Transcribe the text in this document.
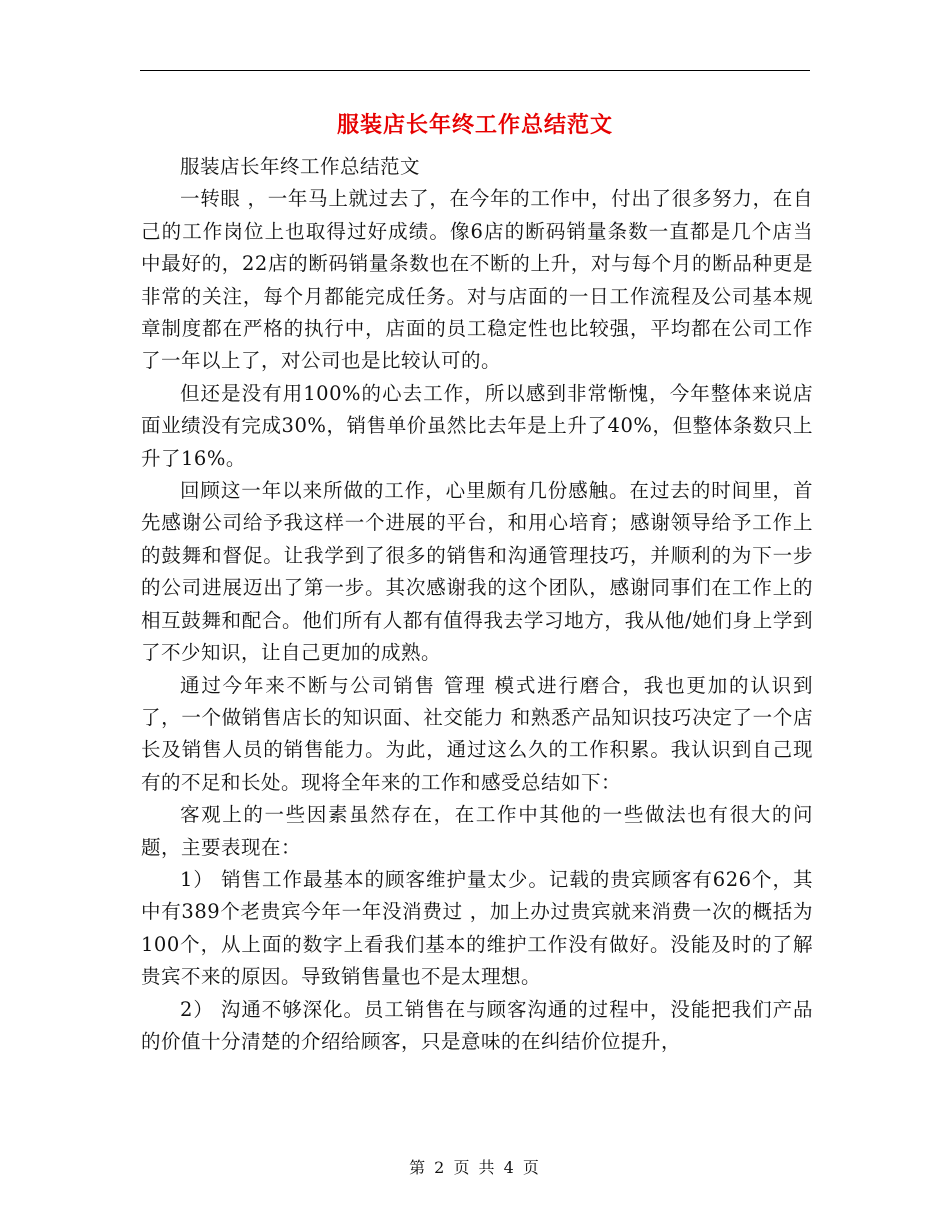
服装店长年终工作总结范文

服装店长年终工作总结范文

一转眼 ，一年马上就过去了，在今年的工作中，付出了很多努力，在自己的工作岗位上也取得过好成绩。像6店的断码销量条数一直都是几个店当中最好的，22店的断码销量条数也在不断的上升，对与每个月的断品种更是非常的关注，每个月都能完成任务。对与店面的一日工作流程及公司基本规章制度都在严格的执行中，店面的员工稳定性也比较强，平均都在公司工作了一年以上了，对公司也是比较认可的。

但还是没有用100%的心去工作，所以感到非常惭愧，今年整体来说店面业绩没有完成30%，销售单价虽然比去年是上升了40%，但整体条数只上升了16%。

回顾这一年以来所做的工作，心里颇有几份感触。在过去的时间里，首先感谢公司给予我这样一个进展的平台，和用心培育；感谢领导给予工作上的鼓舞和督促。让我学到了很多的销售和沟通管理技巧，并顺利的为下一步的公司进展迈出了第一步。其次感谢我的这个团队，感谢同事们在工作上的相互鼓舞和配合。他们所有人都有值得我去学习地方，我从他/她们身上学到了不少知识，让自己更加的成熟。

通过今年来不断与公司销售 管理 模式进行磨合，我也更加的认识到了，一个做销售店长的知识面、社交能力 和熟悉产品知识技巧决定了一个店长及销售人员的销售能力。为此，通过这么久的工作积累。我认识到自己现有的不足和长处。现将全年来的工作和感受总结如下：

客观上的一些因素虽然存在，在工作中其他的一些做法也有很大的问题，主要表现在：

1） 销售工作最基本的顾客维护量太少。记载的贵宾顾客有626个，其中有389个老贵宾今年一年没消费过 ，加上办过贵宾就来消费一次的概括为100个，从上面的数字上看我们基本的维护工作没有做好。没能及时的了解贵宾不来的原因。导致销售量也不是太理想。

2） 沟通不够深化。员工销售在与顾客沟通的过程中，没能把我们产品的价值十分清楚的介绍给顾客，只是意味的在纠结价位提升，

第 2 页 共 4 页
